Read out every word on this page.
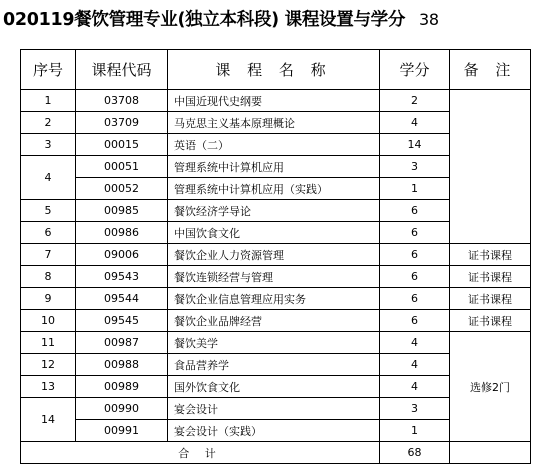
020119餐饮管理专业(独立本科段) 课程设置与学分 38
序号	课程代码	课 程 名 称	学分	备 注
1	03708	中国近现代史纲要	2	
2	03709	马克思主义基本原理概论	4	
3	00015	英语（二）	14	
4	00051	管理系统中计算机应用	3	
	00052	管理系统中计算机应用（实践）	1	
5	00985	餐饮经济学导论	6	
6	00986	中国饮食文化	6	
7	09006	餐饮企业人力资源管理	6	证书课程
8	09543	餐饮连锁经营与管理	6	证书课程
9	09544	餐饮企业信息管理应用实务	6	证书课程
10	09545	餐饮企业品牌经营	6	证书课程
11	00987	餐饮美学	4	选修2门
12	00988	食品营养学	4	
13	00989	国外饮食文化	4	
14	00990	宴会设计	3	
	00991	宴会设计（实践）	1	
合 计			68	
